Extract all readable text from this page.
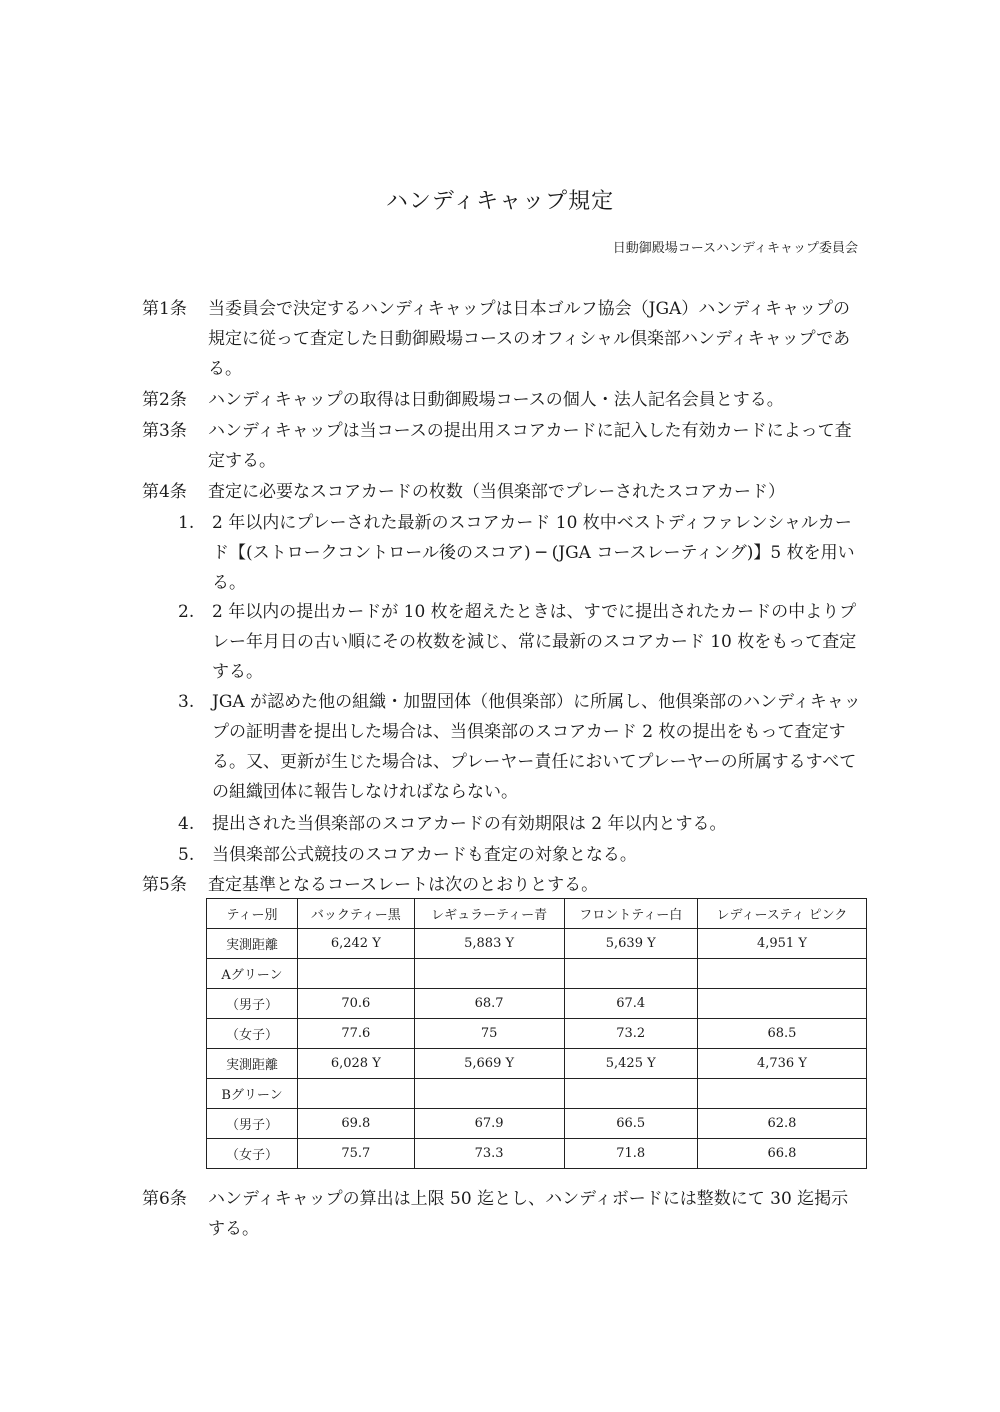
ハンディキャップ規定
日動御殿場コースハンディキャップ委員会
第1条	当委員会で決定するハンディキャップは日本ゴルフ協会（JGA）ハンディキャップの規定に従って査定した日動御殿場コースのオフィシャル倶楽部ハンディキャップである。
第2条	ハンディキャップの取得は日動御殿場コースの個人・法人記名会員とする。
第3条	ハンディキャップは当コースの提出用スコアカードに記入した有効カードによって査定する。
第4条	査定に必要なスコアカードの枚数（当倶楽部でプレーされたスコアカード）
1.	2 年以内にプレーされた最新のスコアカード 10 枚中ベストディファレンシャルカード【(ストロークコントロール後のスコア) ─ (JGA コースレーティング)】5 枚を用いる。
2.	2 年以内の提出カードが 10 枚を超えたときは、すでに提出されたカードの中よりプレー年月日の古い順にその枚数を減じ、常に最新のスコアカード 10 枚をもって査定する。
3.	JGA が認めた他の組織・加盟団体（他倶楽部）に所属し、他倶楽部のハンディキャップの証明書を提出した場合は、当倶楽部のスコアカード 2 枚の提出をもって査定する。又、更新が生じた場合は、プレーヤー責任においてプレーヤーの所属するすべての組織団体に報告しなければならない。
4.	提出された当倶楽部のスコアカードの有効期限は 2 年以内とする。
5.	当倶楽部公式競技のスコアカードも査定の対象となる。
第5条	査定基準となるコースレートは次のとおりとする。
ティー別	バックティー黒	レギュラーティー青	フロントティー白	レディースティ ピンク
実測距離	6,242 Y	5,883 Y	5,639 Y	4,951 Y
Aグリーン				
（男子）	70.6	68.7	67.4	
（女子）	77.6	75	73.2	68.5
実測距離	6,028 Y	5,669 Y	5,425 Y	4,736 Y
Bグリーン				
（男子）	69.8	67.9	66.5	62.8
（女子）	75.7	73.3	71.8	66.8
第6条	ハンディキャップの算出は上限 50 迄とし、ハンディボードには整数にて 30 迄掲示する。
